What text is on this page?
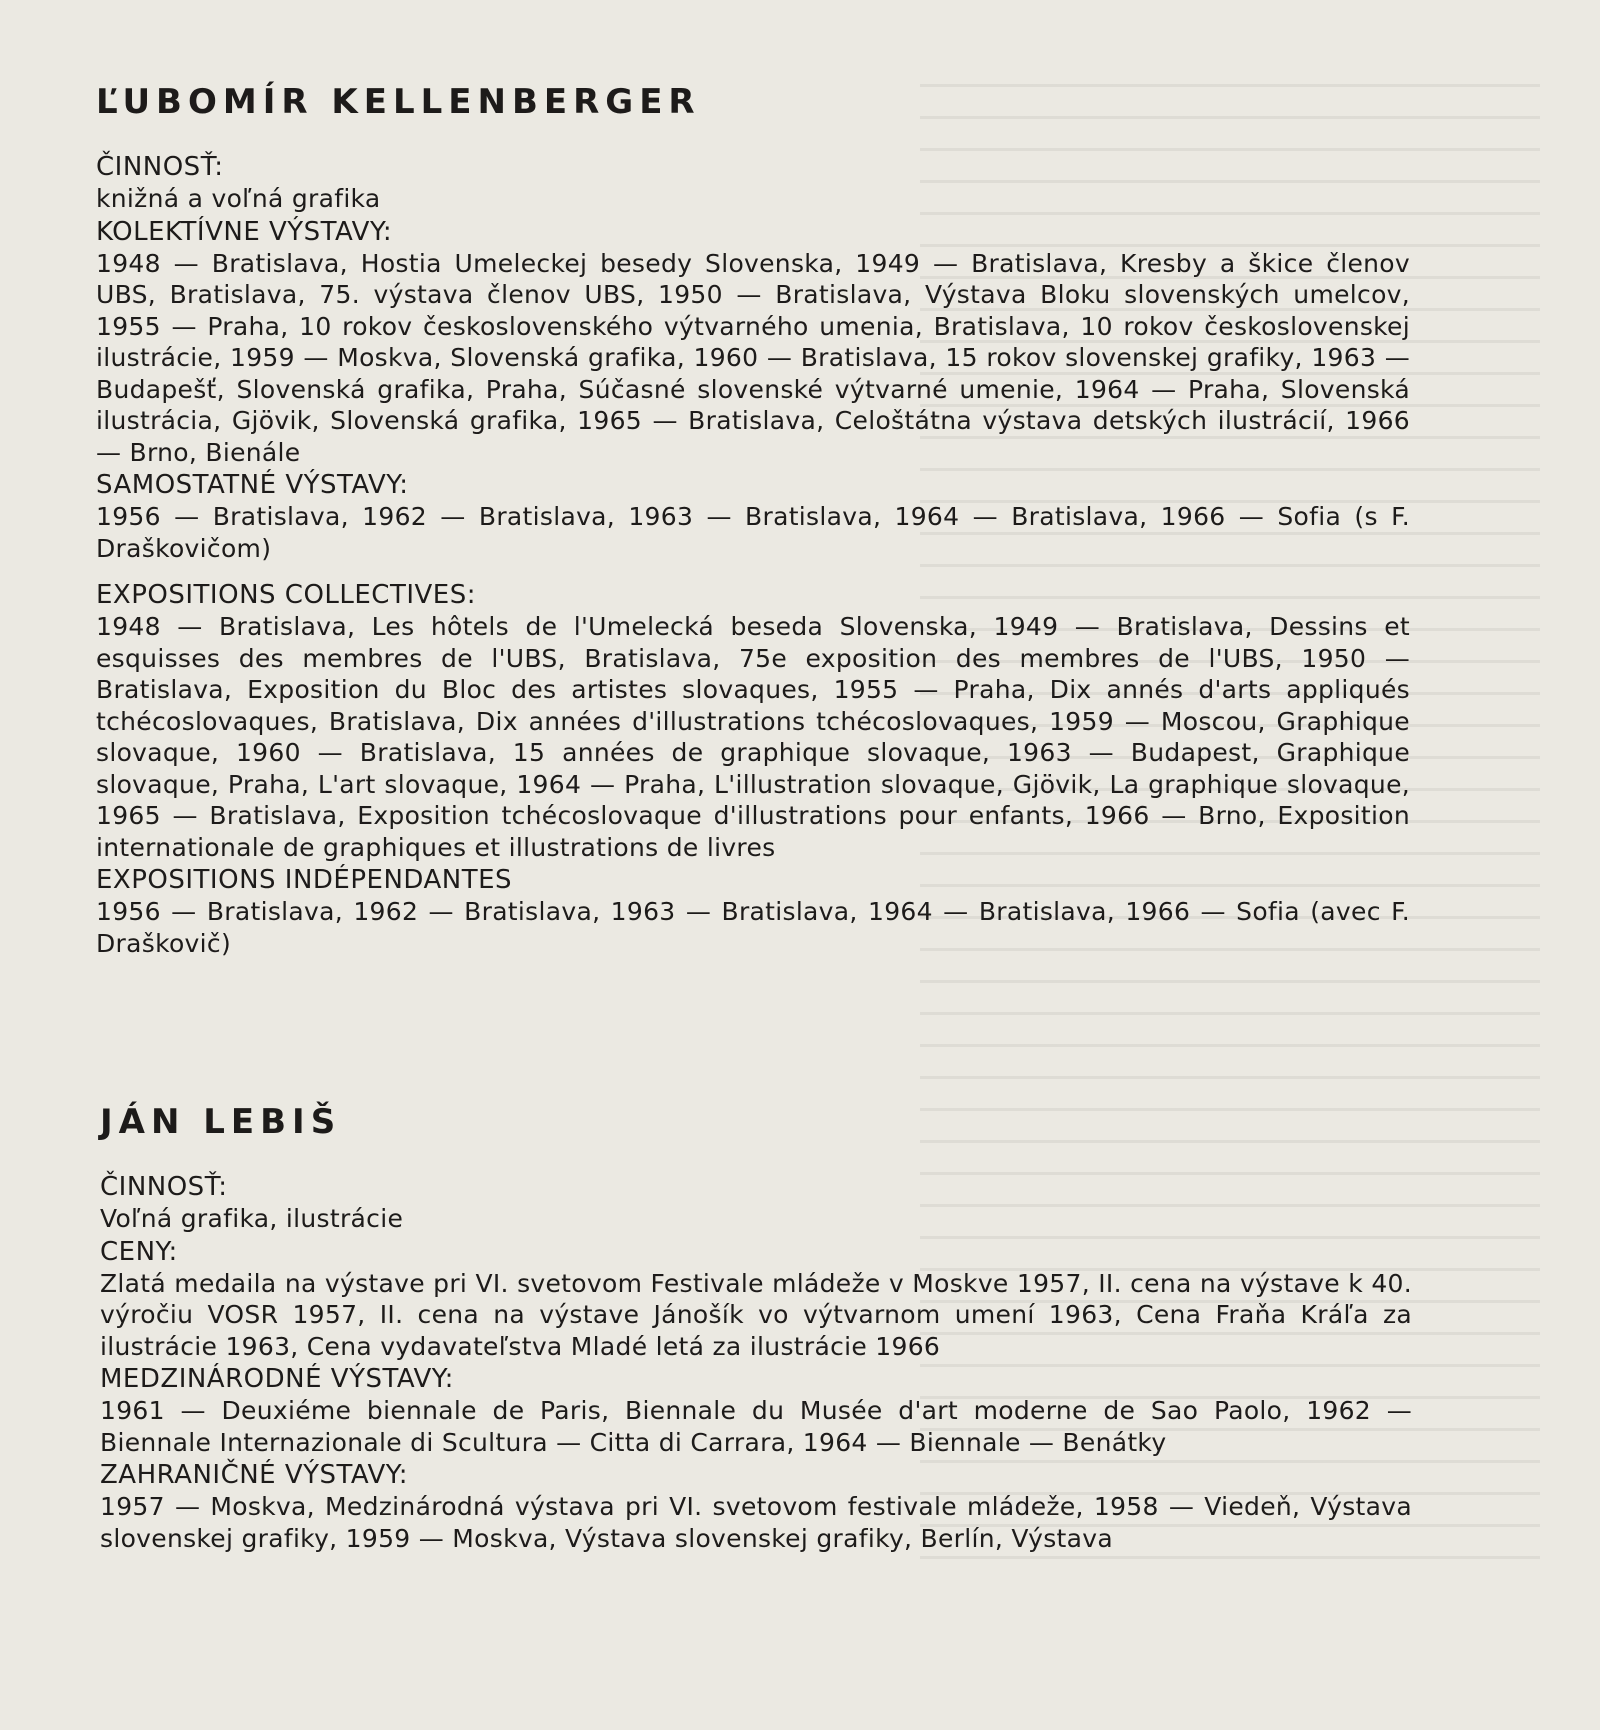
ĽUBOMÍR KELLENBERGER

ČINNOSŤ:

knižná a voľná grafika

KOLEKTÍVNE VÝSTAVY:

1948 — Bratislava, Hostia Umeleckej besedy Slovenska, 1949 — Bratislava, Kresby a škice členov UBS, Bratislava, 75. výstava členov UBS, 1950 — Bratislava, Výstava Bloku slovenských umelcov, 1955 — Praha, 10 rokov československého výtvarného umenia, Bratislava, 10 rokov československej ilustrácie, 1959 — Moskva, Slovenská grafika, 1960 — Bratislava, 15 rokov slovenskej grafiky, 1963 — Budapešť, Slovenská grafika, Praha, Súčasné slovenské výtvarné umenie, 1964 — Praha, Slovenská ilustrácia, Gjövik, Slovenská grafika, 1965 — Bratislava, Celoštátna výstava detských ilustrácií, 1966 — Brno, Bienále

SAMOSTATNÉ VÝSTAVY:

1956 — Bratislava, 1962 — Bratislava, 1963 — Bratislava, 1964 — Bratislava, 1966 — Sofia (s F. Draškovičom)

EXPOSITIONS COLLECTIVES:

1948 — Bratislava, Les hôtels de l'Umelecká beseda Slovenska, 1949 — Bratislava, Dessins et esquisses des membres de l'UBS, Bratislava, 75e exposition des membres de l'UBS, 1950 — Bratislava, Exposition du Bloc des artistes slovaques, 1955 — Praha, Dix annés d'arts appliqués tchécoslovaques, Bratislava, Dix années d'illustrations tchécoslovaques, 1959 — Moscou, Graphique slovaque, 1960 — Bratislava, 15 années de graphique slovaque, 1963 — Budapest, Graphique slovaque, Praha, L'art slovaque, 1964 — Praha, L'illustration slovaque, Gjövik, La graphique slovaque, 1965 — Bratislava, Exposition tchécoslovaque d'illustrations pour enfants, 1966 — Brno, Exposition internationale de graphiques et illustrations de livres

EXPOSITIONS INDÉPENDANTES

1956 — Bratislava, 1962 — Bratislava, 1963 — Bratislava, 1964 — Bratislava, 1966 — Sofia (avec F. Draškovič)

JÁN LEBIŠ

ČINNOSŤ:

Voľná grafika, ilustrácie

CENY:

Zlatá medaila na výstave pri VI. svetovom Festivale mládeže v Moskve 1957, II. cena na výstave k 40. výročiu VOSR 1957, II. cena na výstave Jánošík vo výtvarnom umení 1963, Cena Fraňa Kráľa za ilustrácie 1963, Cena vydavateľstva Mladé letá za ilustrácie 1966

MEDZINÁRODNÉ VÝSTAVY:

1961 — Deuxiéme biennale de Paris, Biennale du Musée d'art moderne de Sao Paolo, 1962 — Biennale Internazionale di Scultura — Citta di Carrara, 1964 — Biennale — Benátky

ZAHRANIČNÉ VÝSTAVY:

1957 — Moskva, Medzinárodná výstava pri VI. svetovom festivale mládeže, 1958 — Viedeň, Výstava slovenskej grafiky, 1959 — Moskva, Výstava slovenskej grafiky, Berlín, Výstava
